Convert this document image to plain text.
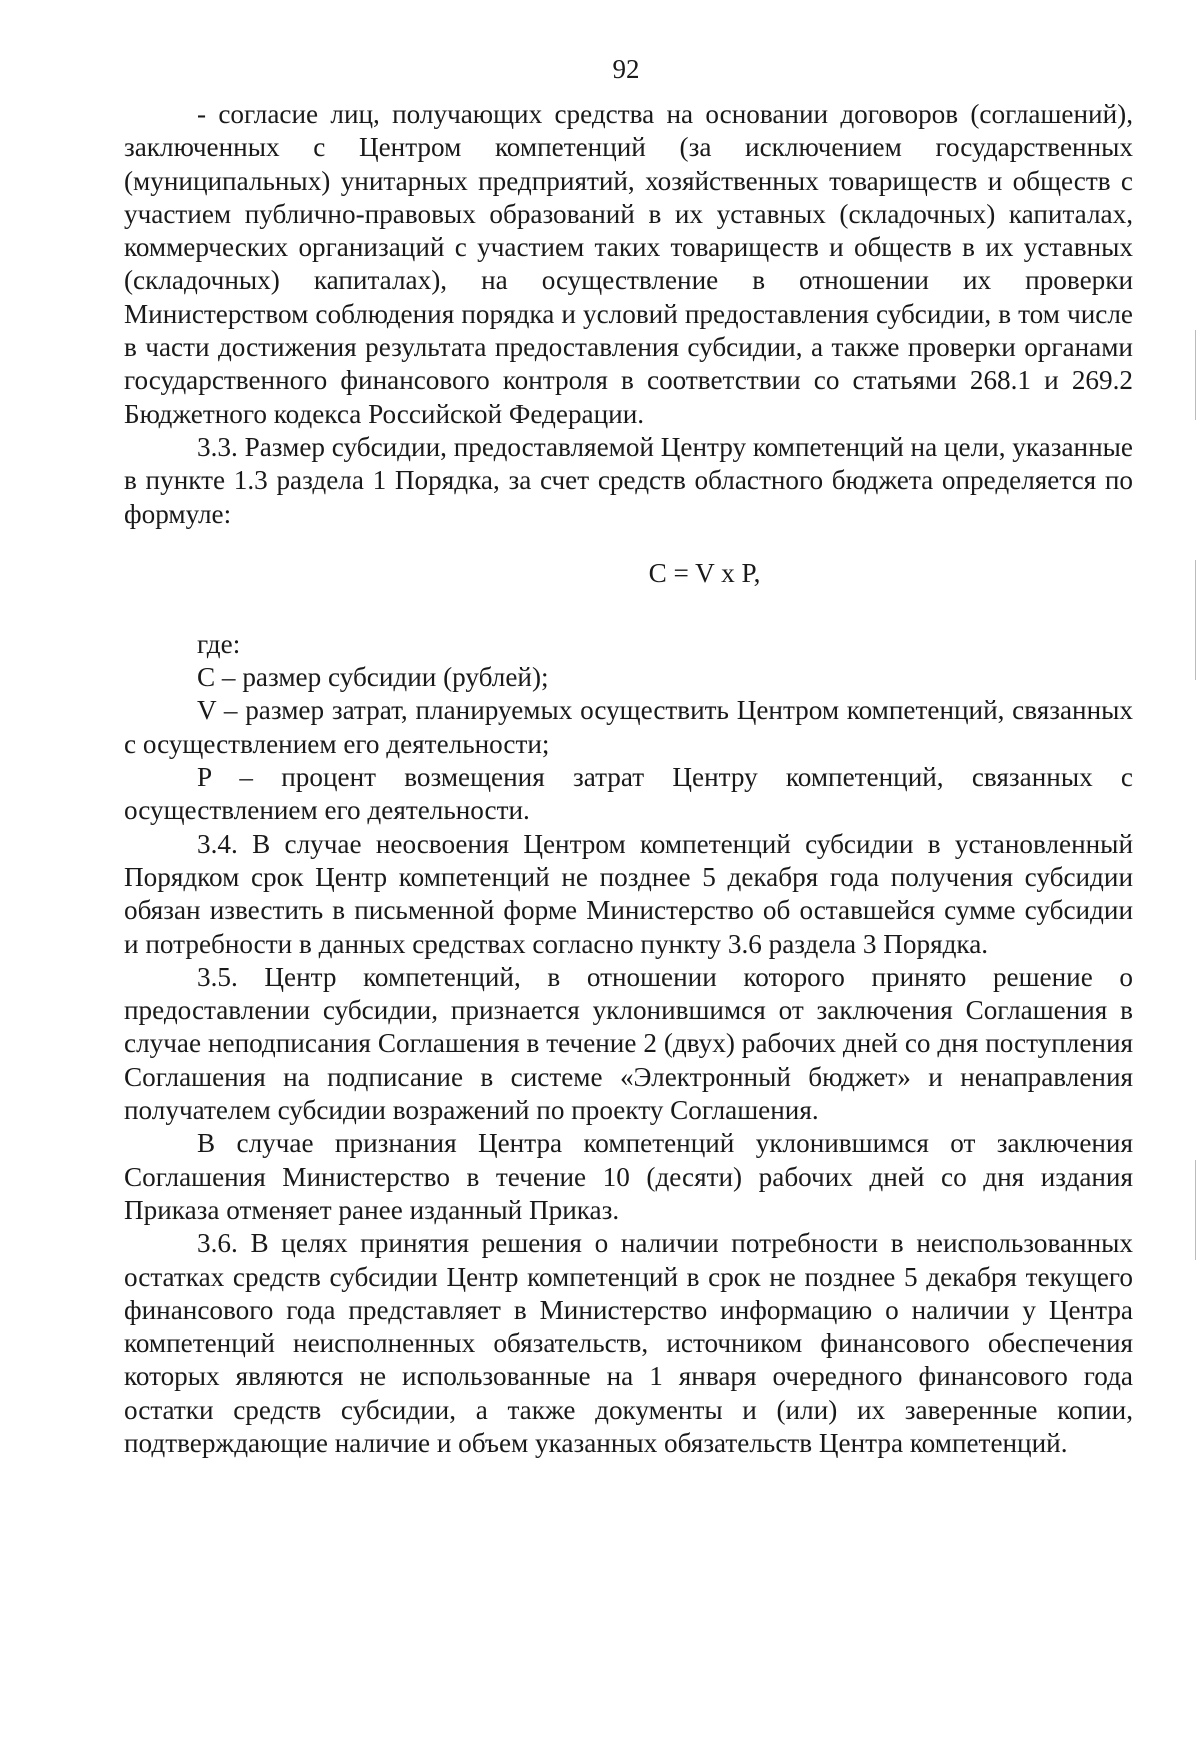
92

- согласие лиц, получающих средства на основании договоров (соглашений), заключенных с Центром компетенций (за исключением государственных (муниципальных) унитарных предприятий, хозяйственных товариществ и обществ с участием публично-правовых образований в их уставных (складочных) капиталах, коммерческих организаций с участием таких товариществ и обществ в их уставных (складочных) капиталах), на осуществление в отношении их проверки Министерством соблюдения порядка и условий предоставления субсидии, в том числе в части достижения результата предоставления субсидии, а также проверки органами государственного финансового контроля в соответствии со статьями 268.1 и 269.2 Бюджетного кодекса Российской Федерации.

3.3. Размер субсидии, предоставляемой Центру компетенций на цели, указанные в пункте 1.3 раздела 1 Порядка, за счет средств областного бюджета определяется по формуле:

C = V x P,

где:

C – размер субсидии (рублей);

V – размер затрат, планируемых осуществить Центром компетенций, связанных с осуществлением его деятельности;

P – процент возмещения затрат Центру компетенций, связанных с осуществлением его деятельности.

3.4. В случае неосвоения Центром компетенций субсидии в установленный Порядком срок Центр компетенций не позднее 5 декабря года получения субсидии обязан известить в письменной форме Министерство об оставшейся сумме субсидии и потребности в данных средствах согласно пункту 3.6 раздела 3 Порядка.

3.5. Центр компетенций, в отношении которого принято решение о предоставлении субсидии, признается уклонившимся от заключения Соглашения в случае неподписания Соглашения в течение 2 (двух) рабочих дней со дня поступления Соглашения на подписание в системе «Электронный бюджет» и ненаправления получателем субсидии возражений по проекту Соглашения.

В случае признания Центра компетенций уклонившимся от заключения Соглашения Министерство в течение 10 (десяти) рабочих дней со дня издания Приказа отменяет ранее изданный Приказ.

3.6. В целях принятия решения о наличии потребности в неиспользованных остатках средств субсидии Центр компетенций в срок не позднее 5 декабря текущего финансового года представляет в Министерство информацию о наличии у Центра компетенций неисполненных обязательств, источником финансового обеспечения которых являются не использованные на 1 января очередного финансового года остатки средств субсидии, а также документы и (или) их заверенные копии, подтверждающие наличие и объем указанных обязательств Центра компетенций.
